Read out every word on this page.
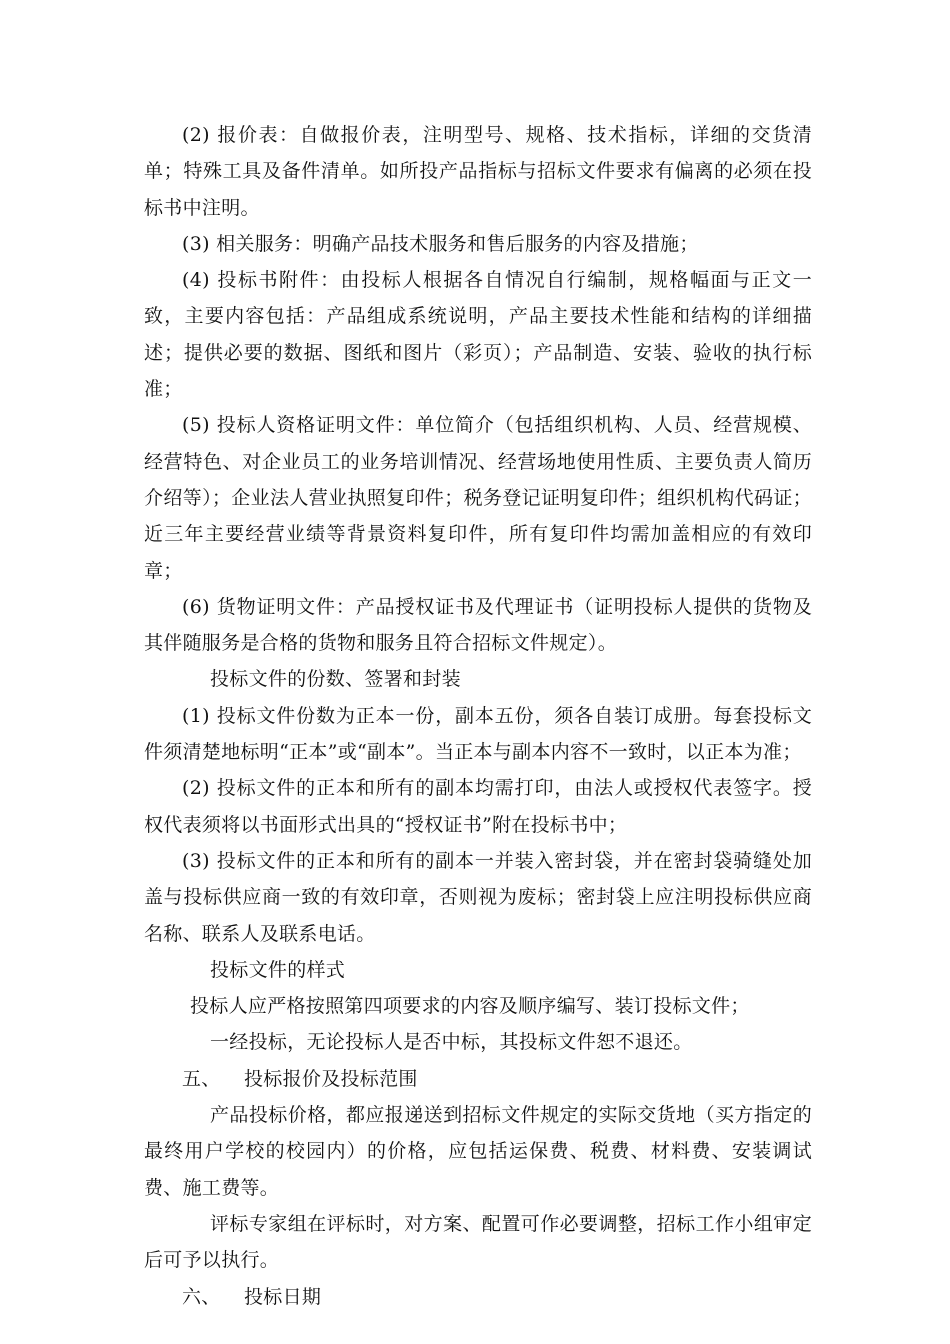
(2) 报价表：自做报价表，注明型号、规格、技术指标，详细的交货清单；特殊工具及备件清单。如所投产品指标与招标文件要求有偏离的必须在投标书中注明。

(3) 相关服务：明确产品技术服务和售后服务的内容及措施；

(4) 投标书附件：由投标人根据各自情况自行编制，规格幅面与正文一致，主要内容包括：产品组成系统说明，产品主要技术性能和结构的详细描述；提供必要的数据、图纸和图片（彩页）；产品制造、安装、验收的执行标准；

(5) 投标人资格证明文件：单位简介（包括组织机构、人员、经营规模、经营特色、对企业员工的业务培训情况、经营场地使用性质、主要负责人简历介绍等）；企业法人营业执照复印件；税务登记证明复印件；组织机构代码证；近三年主要经营业绩等背景资料复印件，所有复印件均需加盖相应的有效印章；

(6) 货物证明文件：产品授权证书及代理证书（证明投标人提供的货物及其伴随服务是合格的货物和服务且符合招标文件规定）。

投标文件的份数、签署和封装

(1) 投标文件份数为正本一份，副本五份，须各自装订成册。每套投标文件须清楚地标明“正本”或“副本”。当正本与副本内容不一致时，以正本为准；

(2) 投标文件的正本和所有的副本均需打印，由法人或授权代表签字。授权代表须将以书面形式出具的“授权证书”附在投标书中；

(3) 投标文件的正本和所有的副本一并装入密封袋，并在密封袋骑缝处加盖与投标供应商一致的有效印章，否则视为废标；密封袋上应注明投标供应商名称、联系人及联系电话。

投标文件的样式

投标人应严格按照第四项要求的内容及顺序编写、装订投标文件；

一经投标，无论投标人是否中标，其投标文件恕不退还。

五、 投标报价及投标范围

产品投标价格，都应报递送到招标文件规定的实际交货地（买方指定的最终用户学校的校园内）的价格，应包括运保费、税费、材料费、安装调试费、施工费等。

评标专家组在评标时，对方案、配置可作必要调整，招标工作小组审定后可予以执行。

六、 投标日期
